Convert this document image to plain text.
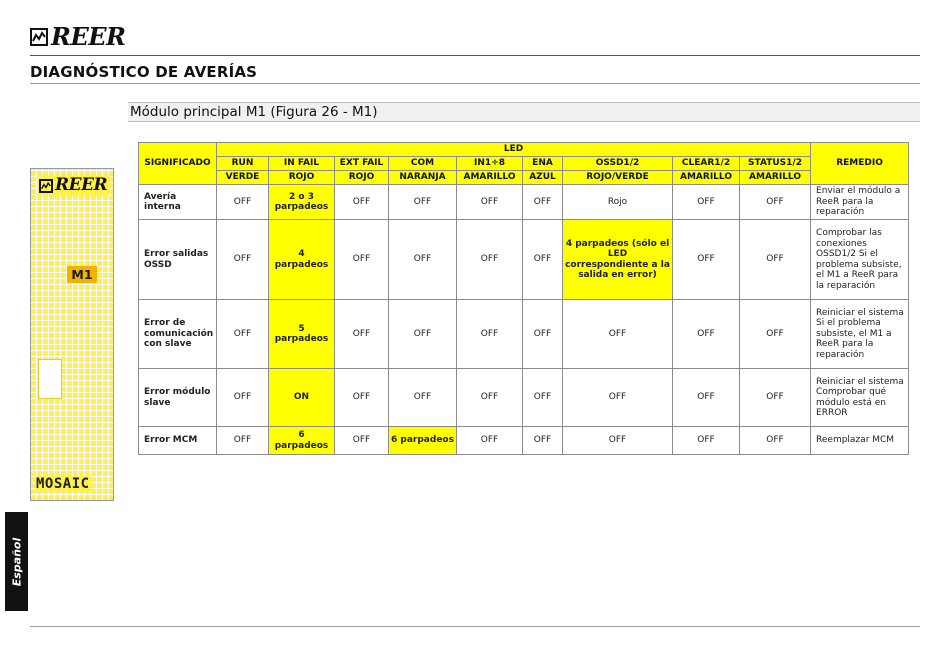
REER
DIAGNÓSTICO DE AVERÍAS
Módulo principal M1 (Figura 26 - M1)
REER
M1
MOSAIC
Español
SIGNIFICADO	LED									REMEDIO
	RUN	IN FAIL	EXT FAIL	COM	IN1÷8	ENA	OSSD1/2	CLEAR1/2	STATUS1/2	
	VERDE	ROJO	ROJO	NARANJA	AMARILLO	AZUL	ROJO/VERDE	AMARILLO	AMARILLO	
Avería interna	OFF	2 o 3 parpadeos	OFF	OFF	OFF	OFF	Rojo	OFF	OFF	Enviar el módulo a ReeR para la reparación
Error salidas OSSD	OFF	4 parpadeos	OFF	OFF	OFF	OFF	4 parpadeos (sólo el LED correspondiente a la salida en error)	OFF	OFF	Comprobar las conexiones OSSD1/2 Si el problema subsiste, el M1 a ReeR para la reparación
Error de comunicación con slave	OFF	5 parpadeos	OFF	OFF	OFF	OFF	OFF	OFF	OFF	Reiniciar el sistema Si el problema subsiste, el M1 a ReeR para la reparación
Error módulo slave	OFF	ON	OFF	OFF	OFF	OFF	OFF	OFF	OFF	Reiniciar el sistema Comprobar qué módulo está en ERROR
Error MCM	OFF	6 parpadeos	OFF	6 parpadeos	OFF	OFF	OFF	OFF	OFF	Reemplazar MCM
